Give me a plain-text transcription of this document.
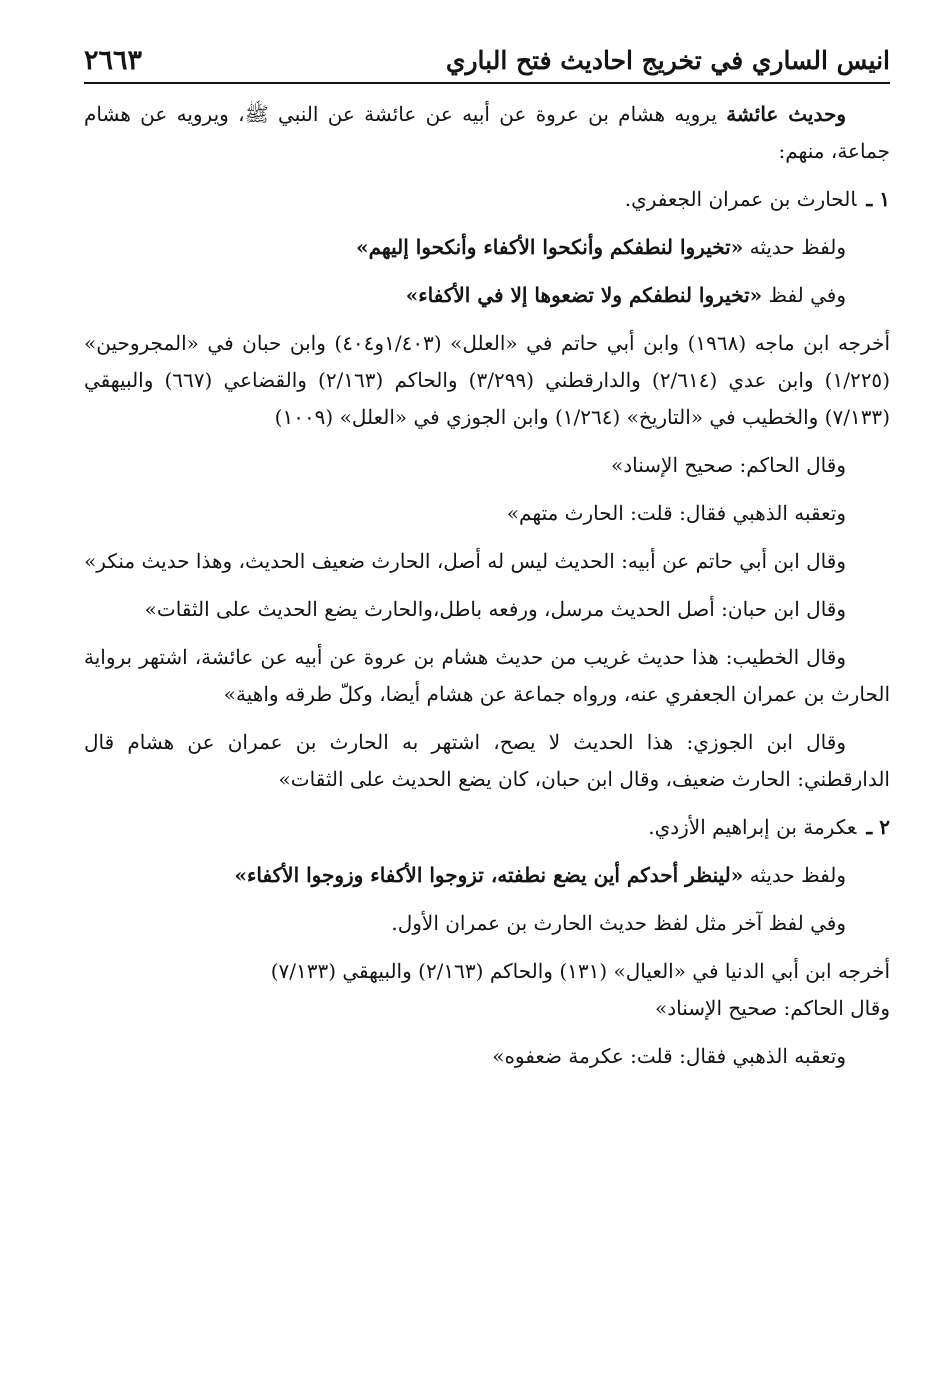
انيس الساري في تخريج احاديث فتح الباري
٢٦٦٣

وحديث عائشة يرويه هشام بن عروة عن أبيه عن عائشة عن النبي ﷺ، ويرويه عن هشام جماعة، منهم:

١ ـالحارث بن عمران الجعفري.

ولفظ حديثه «تخيروا لنطفكم وأنكحوا الأكفاء وأنكحوا إليهم»

وفي لفظ «تخيروا لنطفكم ولا تضعوها إلا في الأكفاء»

أخرجه ابن ماجه (١٩٦٨) وابن أبي حاتم في «العلل» (١/٤٠٣و٤٠٤) وابن حبان في «المجروحين» (١/٢٢٥) وابن عدي (٢/٦١٤) والدارقطني (٣/٢٩٩) والحاكم (٢/١٦٣) والقضاعي (٦٦٧) والبيهقي (٧/١٣٣) والخطيب في «التاريخ» (١/٢٦٤) وابن الجوزي في «العلل» (١٠٠٩)

وقال الحاكم: صحيح الإسناد»

وتعقبه الذهبي فقال: قلت: الحارث متهم»

وقال ابن أبي حاتم عن أبيه: الحديث ليس له أصل، الحارث ضعيف الحديث، وهذا حديث منكر»

وقال ابن حبان: أصل الحديث مرسل، ورفعه باطل،والحارث يضع الحديث على الثقات»

وقال الخطيب: هذا حديث غريب من حديث هشام بن عروة عن أبيه عن عائشة، اشتهر برواية الحارث بن عمران الجعفري عنه، ورواه جماعة عن هشام أيضا، وكلّ طرقه واهية»

وقال ابن الجوزي: هذا الحديث لا يصح، اشتهر به الحارث بن عمران عن هشام قال الدارقطني: الحارث ضعيف، وقال ابن حبان، كان يضع الحديث على الثقات»

٢ ـعكرمة بن إبراهيم الأزدي.

ولفظ حديثه «لينظر أحدكم أين يضع نطفته، تزوجوا الأكفاء وزوجوا الأكفاء»

وفي لفظ آخر مثل لفظ حديث الحارث بن عمران الأول.

أخرجه ابن أبي الدنيا في «العيال» (١٣١) والحاكم (٢/١٦٣) والبيهقي (٧/١٣٣)

وقال الحاكم: صحيح الإسناد»

وتعقبه الذهبي فقال: قلت: عكرمة ضعفوه»
